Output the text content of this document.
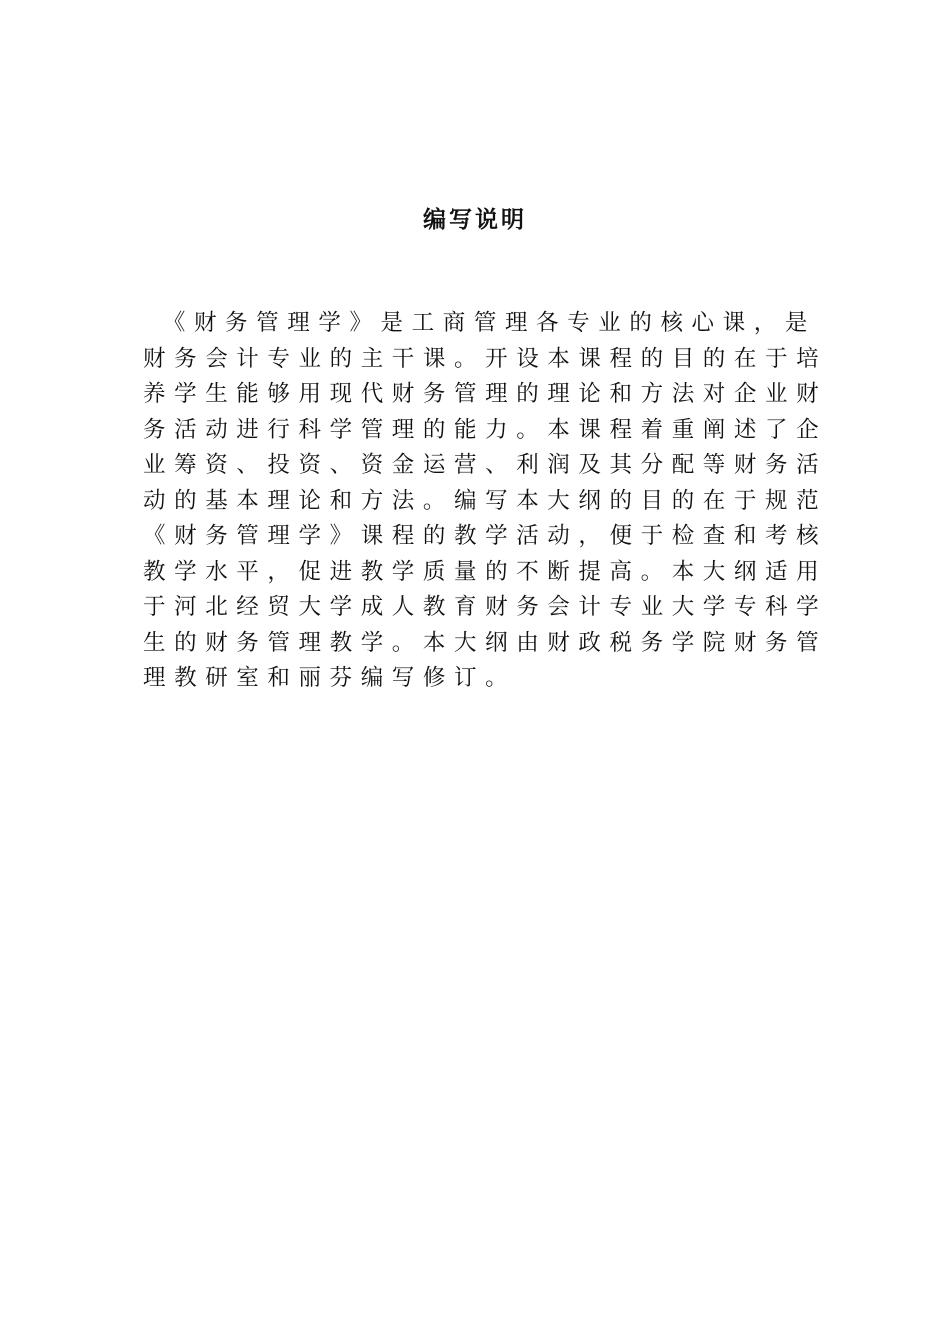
编写说明
　《财务管理学》是工商管理各专业的核心课，是
财务会计专业的主干课。开设本课程的目的在于培
养学生能够用现代财务管理的理论和方法对企业财
务活动进行科学管理的能力。本课程着重阐述了企
业筹资、投资、资金运营、利润及其分配等财务活
动的基本理论和方法。编写本大纲的目的在于规范
《财务管理学》课程的教学活动，便于检查和考核
教学水平，促进教学质量的不断提高。本大纲适用
于河北经贸大学成人教育财务会计专业大学专科学
生的财务管理教学。本大纲由财政税务学院财务管
理教研室和丽芬编写修订。
